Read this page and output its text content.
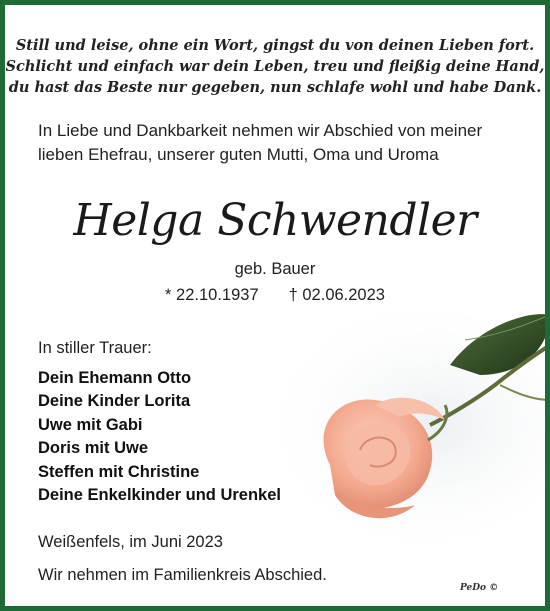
Still und leise, ohne ein Wort, gingst du von deinen Lieben fort.
Schlicht und einfach war dein Leben, treu und fleißig deine Hand,
du hast das Beste nur gegeben, nun schlafe wohl und habe Dank.
In Liebe und Dankbarkeit nehmen wir Abschied von meiner
lieben Ehefrau, unserer guten Mutti, Oma und Uroma
Helga Schwendler
geb. Bauer
* 22.10.1937 † 02.06.2023
In stiller Trauer:
Dein Ehemann Otto
Deine Kinder Lorita
Uwe mit Gabi
Doris mit Uwe
Steffen mit Christine
Deine Enkelkinder und Urenkel
Weißenfels, im Juni 2023
Wir nehmen im Familienkreis Abschied.
PeDo ©
